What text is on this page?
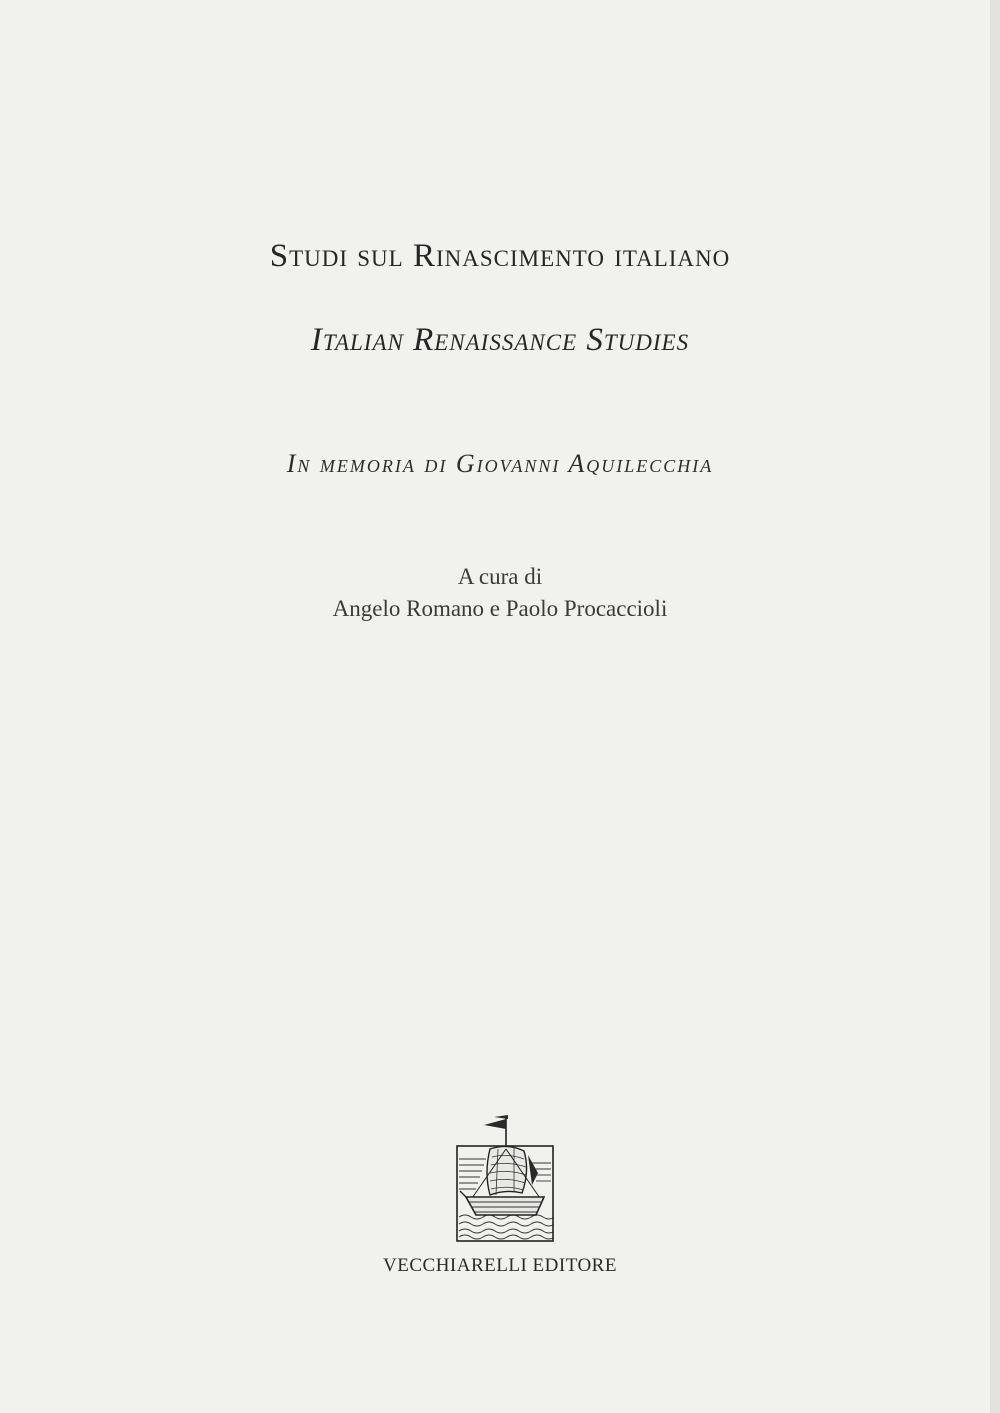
Studi sul Rinascimento italiano
Italian Renaissance Studies
In memoria di Giovanni Aquilecchia
A cura di
Angelo Romano e Paolo Procaccioli
VECCHIARELLI EDITORE
